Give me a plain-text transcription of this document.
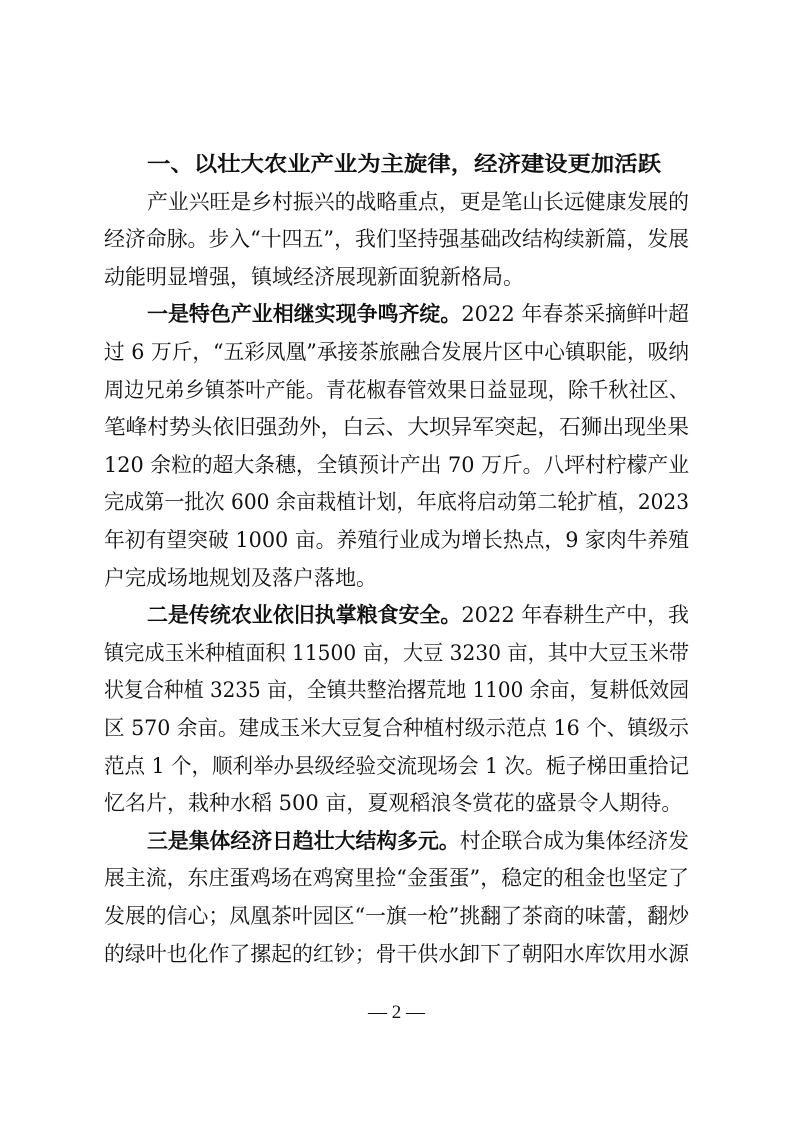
一、以壮大农业产业为主旋律，经济建设更加活跃
产业兴旺是乡村振兴的战略重点，更是笔山长远健康发展的
经济命脉。步入“十四五”，我们坚持强基础改结构续新篇，发展
动能明显增强，镇域经济展现新面貌新格局。
一是特色产业相继实现争鸣齐绽。2022 年春茶采摘鲜叶超
过 6 万斤，“五彩凤凰”承接茶旅融合发展片区中心镇职能，吸纳
周边兄弟乡镇茶叶产能。青花椒春管效果日益显现，除千秋社区、
笔峰村势头依旧强劲外，白云、大坝异军突起，石狮出现坐果
120 余粒的超大条穗，全镇预计产出 70 万斤。八坪村柠檬产业
完成第一批次 600 余亩栽植计划，年底将启动第二轮扩植，2023
年初有望突破 1000 亩。养殖行业成为增长热点，9 家肉牛养殖
户完成场地规划及落户落地。
二是传统农业依旧执掌粮食安全。2022 年春耕生产中，我
镇完成玉米种植面积 11500 亩，大豆 3230 亩，其中大豆玉米带
状复合种植 3235 亩，全镇共整治撂荒地 1100 余亩，复耕低效园
区 570 余亩。建成玉米大豆复合种植村级示范点 16 个、镇级示
范点 1 个，顺利举办县级经验交流现场会 1 次。栀子梯田重拾记
忆名片，栽种水稻 500 亩，夏观稻浪冬赏花的盛景令人期待。
三是集体经济日趋壮大结构多元。村企联合成为集体经济发
展主流，东庄蛋鸡场在鸡窝里捡“金蛋蛋”，稳定的租金也坚定了
发展的信心；凤凰茶叶园区“一旗一枪”挑翻了茶商的味蕾，翻炒
的绿叶也化作了摞起的红钞；骨干供水卸下了朝阳水库饮用水源
— 2 —
